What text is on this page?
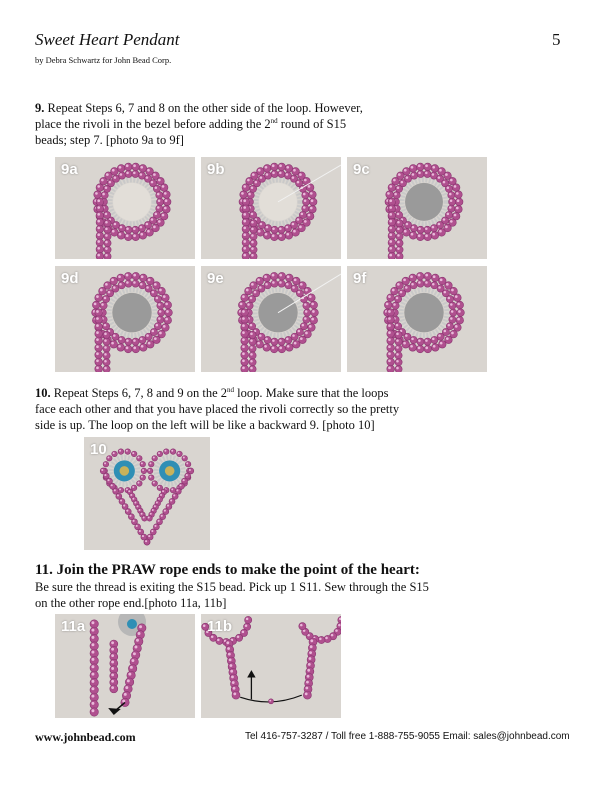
Sweet Heart Pendant
by Debra Schwartz for John Bead Corp.
5
9. Repeat Steps 6, 7 and 8 on the other side of the loop. However,
place the rivoli in the bezel before adding the 2nd round of S15
beads; step 7. [photo 9a to 9f]
9a	9b	9c
9d	9e	9f
10. Repeat Steps 6, 7, 8 and 9 on the 2nd loop. Make sure that the loops
face each other and that you have placed the rivoli correctly so the pretty
side is up. The loop on the left will be like a backward 9. [photo 10]
10
11. Join the PRAW rope ends to make the point of the heart:
Be sure the thread is exiting the S15 bead. Pick up 1 S11. Sew through the S15
on the other rope end.[photo 11a, 11b]
11a	11b
www.johnbead.com	Tel 416-757-3287 / Toll free 1-888-755-9055 Email: sales@johnbead.com
